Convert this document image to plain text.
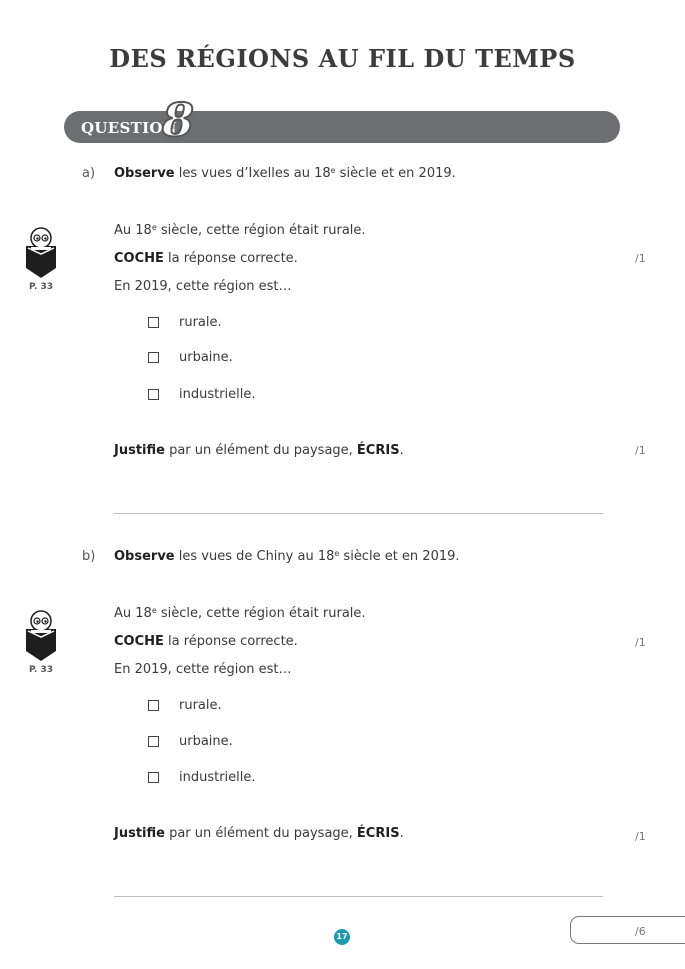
DES RÉGIONS AU FIL DU TEMPS
QUESTION
8
a) Observe les vues d’Ixelles au 18e siècle et en 2019.
P. 33
Au 18e siècle, cette région était rurale.
COCHE la réponse correcte.	/1
En 2019, cette région est…
rurale.
urbaine.
industrielle.
Justifie par un élément du paysage, ÉCRIS.	/1
b) Observe les vues de Chiny au 18e siècle et en 2019.
P. 33
Au 18e siècle, cette région était rurale.
COCHE la réponse correcte.	/1
En 2019, cette région est…
rurale.
urbaine.
industrielle.
Justifie par un élément du paysage, ÉCRIS.	/1
/6
17
